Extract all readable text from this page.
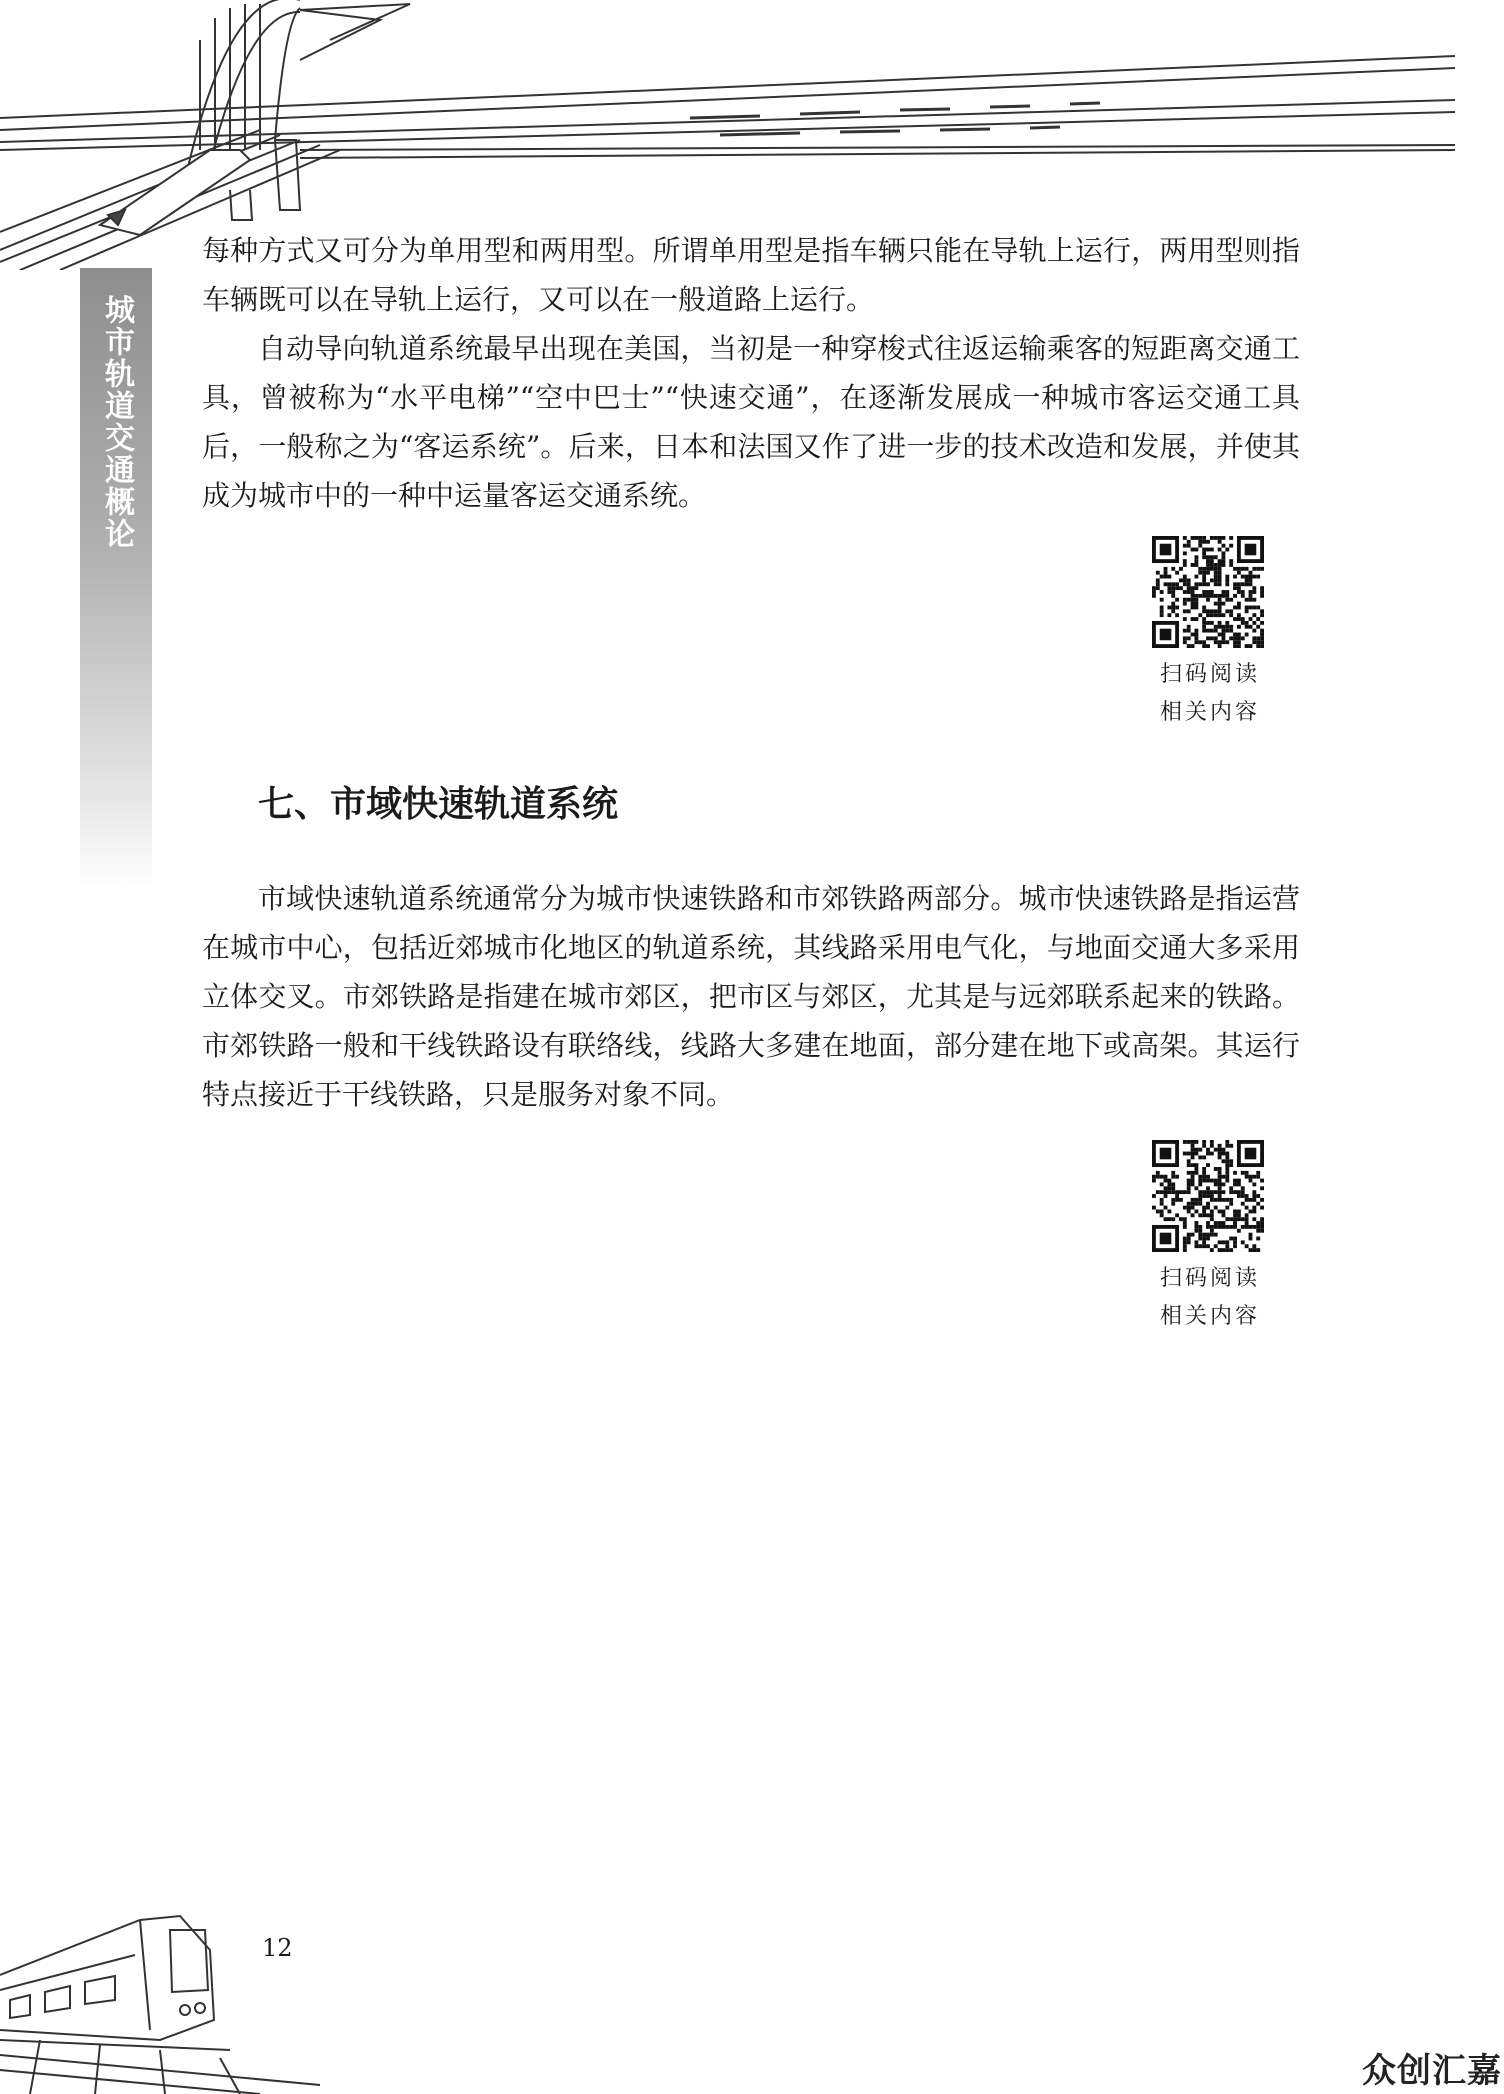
城市轨道交通概论

每种方式又可分为单用型和两用型。所谓单用型是指车辆只能在导轨上运行，两用型则指车辆既可以在导轨上运行，又可以在一般道路上运行。

自动导向轨道系统最早出现在美国，当初是一种穿梭式往返运输乘客的短距离交通工具，曾被称为“水平电梯”“空中巴士”“快速交通”，在逐渐发展成一种城市客运交通工具后，一般称之为“客运系统”。后来，日本和法国又作了进一步的技术改造和发展，并使其成为城市中的一种中运量客运交通系统。

扫码阅读
相关内容
七、市域快速轨道系统

市域快速轨道系统通常分为城市快速铁路和市郊铁路两部分。城市快速铁路是指运营在城市中心，包括近郊城市化地区的轨道系统，其线路采用电气化，与地面交通大多采用立体交叉。市郊铁路是指建在城市郊区，把市区与郊区，尤其是与远郊联系起来的铁路。市郊铁路一般和干线铁路设有联络线，线路大多建在地面，部分建在地下或高架。其运行特点接近于干线铁路，只是服务对象不同。

扫码阅读
相关内容
12
众创汇嘉
